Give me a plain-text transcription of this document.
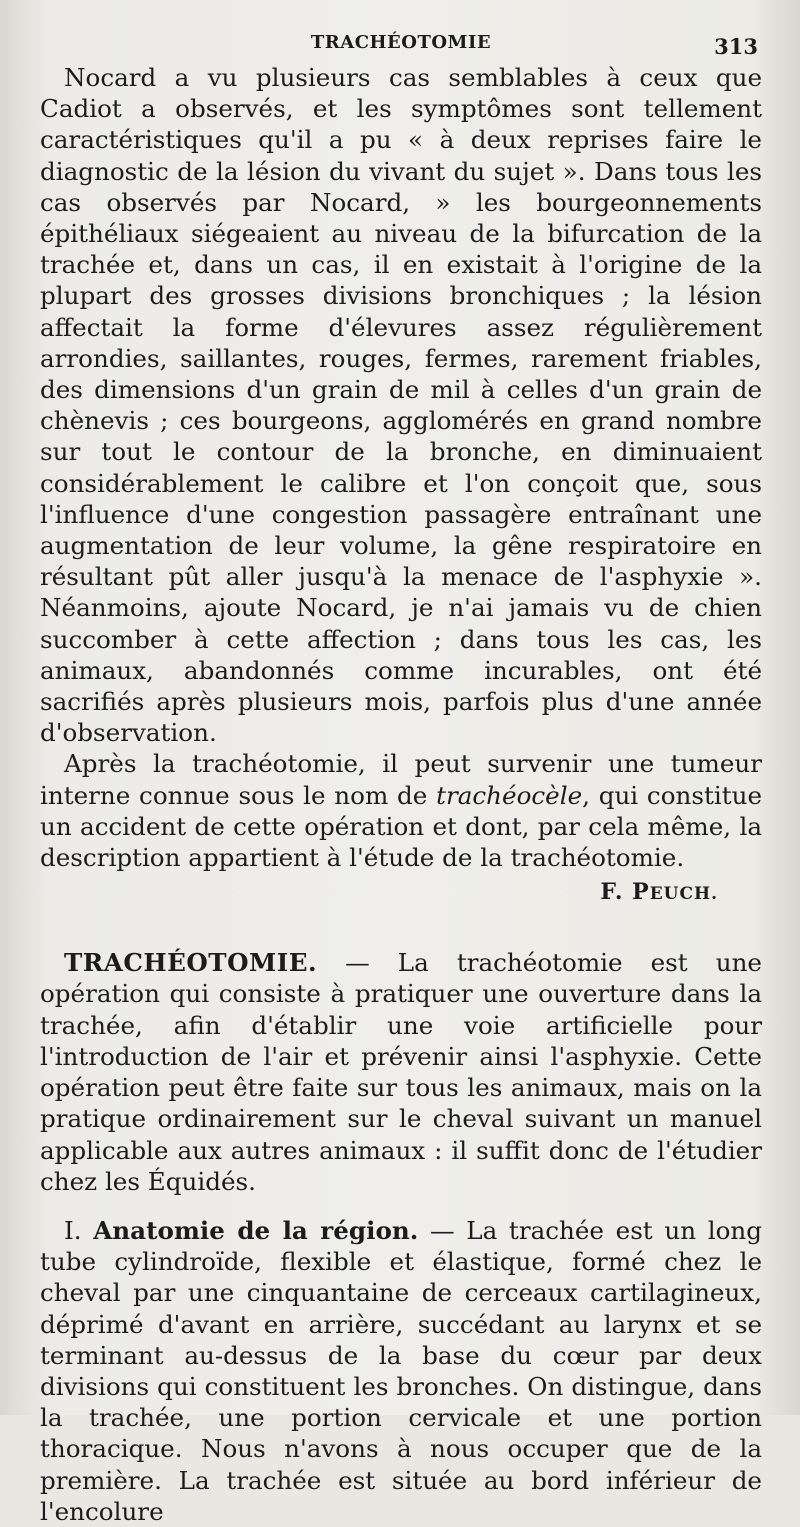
TRACHÉOTOMIE	313

Nocard a vu plusieurs cas semblables à ceux que Cadiot a observés, et les symptômes sont tellement caractéristiques qu'il a pu « à deux reprises faire le diagnostic de la lésion du vivant du sujet ». Dans tous les cas observés par Nocard, » les bourgeonnements épithéliaux siégeaient au niveau de la bifurcation de la trachée et, dans un cas, il en existait à l'origine de la plupart des grosses divisions bronchiques ; la lésion affectait la forme d'élevures assez régulièrement arrondies, saillantes, rouges, fermes, rarement friables, des dimensions d'un grain de mil à celles d'un grain de chènevis ; ces bourgeons, agglomérés en grand nombre sur tout le contour de la bronche, en diminuaient considérablement le calibre et l'on conçoit que, sous l'influence d'une congestion passagère entraînant une augmentation de leur volume, la gêne respiratoire en résultant pût aller jusqu'à la menace de l'asphyxie ». Néanmoins, ajoute Nocard, je n'ai jamais vu de chien succomber à cette affection ; dans tous les cas, les animaux, abandonnés comme incurables, ont été sacrifiés après plusieurs mois, parfois plus d'une année d'observation.

Après la trachéotomie, il peut survenir une tumeur interne connue sous le nom de trachéocèle, qui constitue un accident de cette opération et dont, par cela même, la description appartient à l'étude de la trachéotomie.

F. PEUCH.

TRACHÉOTOMIE. — La trachéotomie est une opération qui consiste à pratiquer une ouverture dans la trachée, afin d'établir une voie artificielle pour l'introduction de l'air et prévenir ainsi l'asphyxie. Cette opération peut être faite sur tous les animaux, mais on la pratique ordinairement sur le cheval suivant un manuel applicable aux autres animaux : il suffit donc de l'étudier chez les Équidés.

I. Anatomie de la région. — La trachée est un long tube cylindroïde, flexible et élastique, formé chez le cheval par une cinquantaine de cerceaux cartilagineux, déprimé d'avant en arrière, succédant au larynx et se terminant au-dessus de la base du cœur par deux divisions qui constituent les bronches. On distingue, dans la trachée, une portion cervicale et une portion thoracique. Nous n'avons à nous occuper que de la première. La trachée est située au bord inférieur de l'encolure
